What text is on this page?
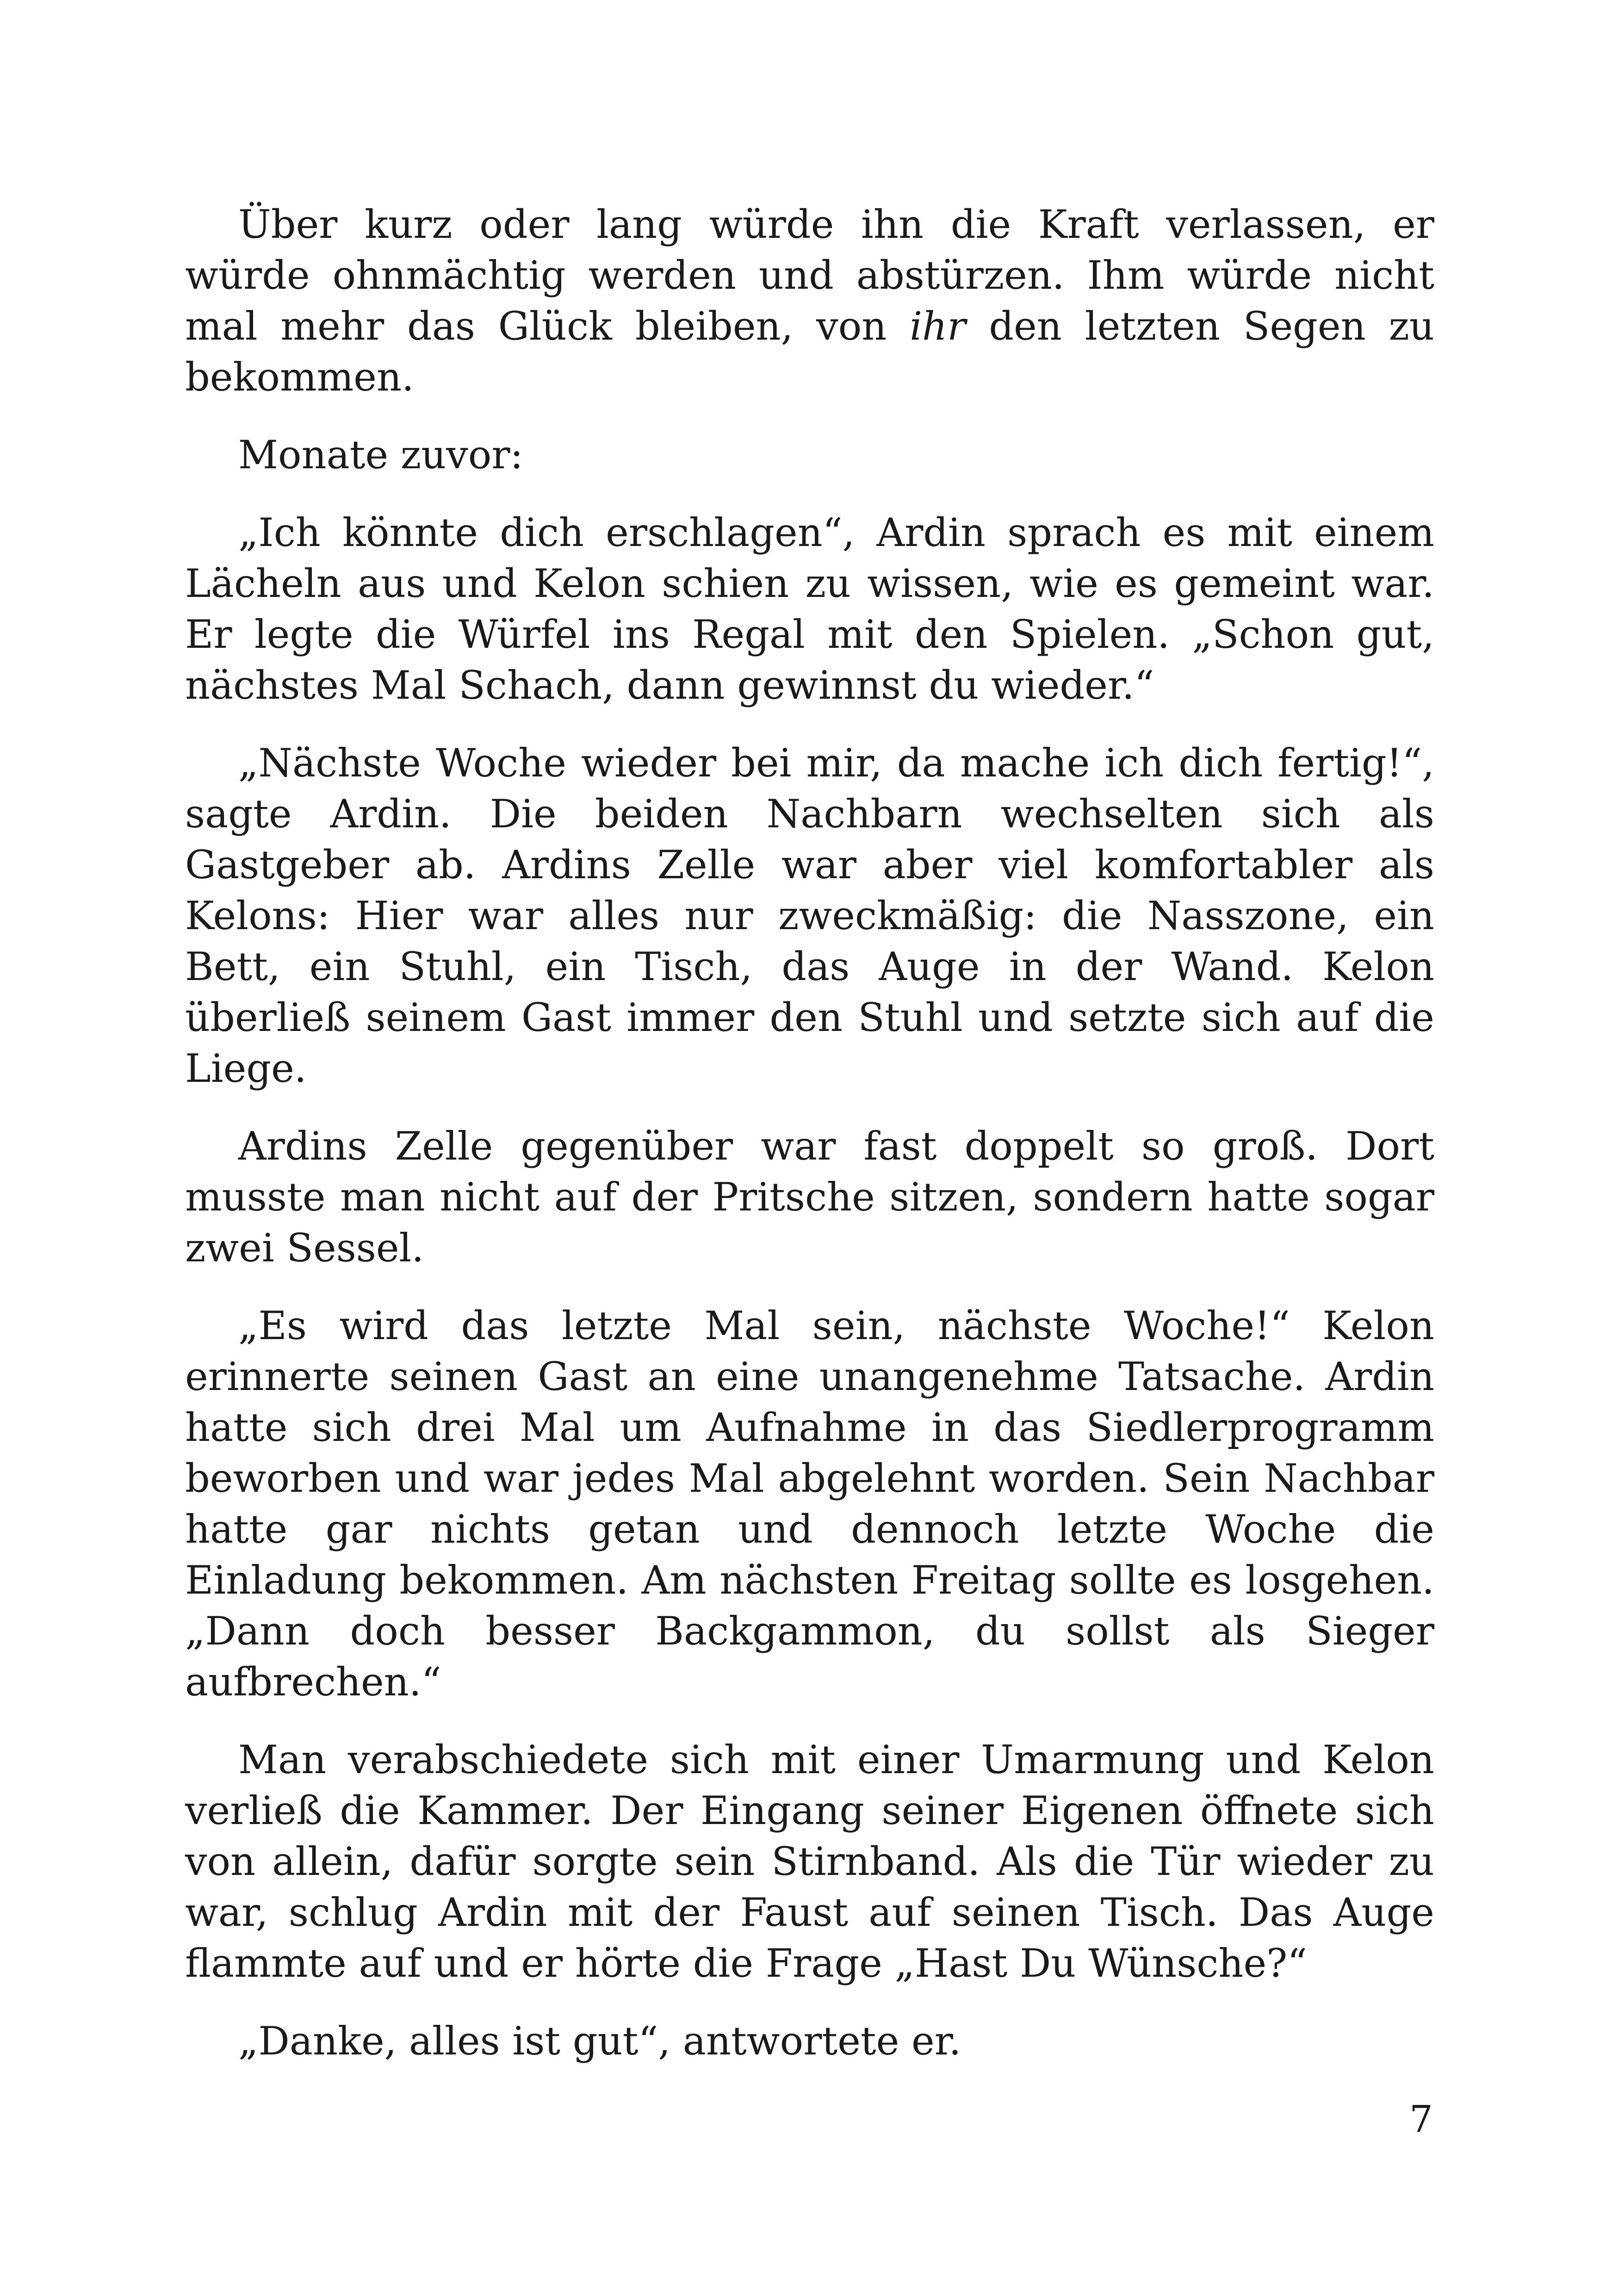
Über kurz oder lang würde ihn die Kraft verlassen, er würde ohnmächtig werden und abstürzen. Ihm würde nicht mal mehr das Glück bleiben, von ihr den letzten Segen zu bekommen.

Monate zuvor:

„Ich könnte dich erschlagen“, Ardin sprach es mit einem Lächeln aus und Kelon schien zu wissen, wie es gemeint war. Er legte die Würfel ins Regal mit den Spielen. „Schon gut, nächstes Mal Schach, dann gewinnst du wieder.“

„Nächste Woche wieder bei mir, da mache ich dich fertig!“, sagte Ardin. Die beiden Nachbarn wechselten sich als Gastgeber ab. Ardins Zelle war aber viel komfortabler als Kelons: Hier war alles nur zweckmäßig: die Nasszone, ein Bett, ein Stuhl, ein Tisch, das Auge in der Wand. Kelon überließ seinem Gast immer den Stuhl und setzte sich auf die Liege.

Ardins Zelle gegenüber war fast doppelt so groß. Dort musste man nicht auf der Pritsche sitzen, sondern hatte sogar zwei Sessel.

„Es wird das letzte Mal sein, nächste Woche!“ Kelon erinnerte seinen Gast an eine unangenehme Tatsache. Ardin hatte sich drei Mal um Aufnahme in das Siedlerprogramm beworben und war jedes Mal abgelehnt worden. Sein Nachbar hatte gar nichts getan und dennoch letzte Woche die Einladung bekommen. Am nächsten Freitag sollte es losgehen. „Dann doch besser Backgammon, du sollst als Sieger aufbrechen.“

Man verabschiedete sich mit einer Umarmung und Kelon verließ die Kammer. Der Eingang seiner Eigenen öffnete sich von allein, dafür sorgte sein Stirnband. Als die Tür wieder zu war, schlug Ardin mit der Faust auf seinen Tisch. Das Auge flammte auf und er hörte die Frage „Hast Du Wünsche?“

„Danke, alles ist gut“, antwortete er.

7
